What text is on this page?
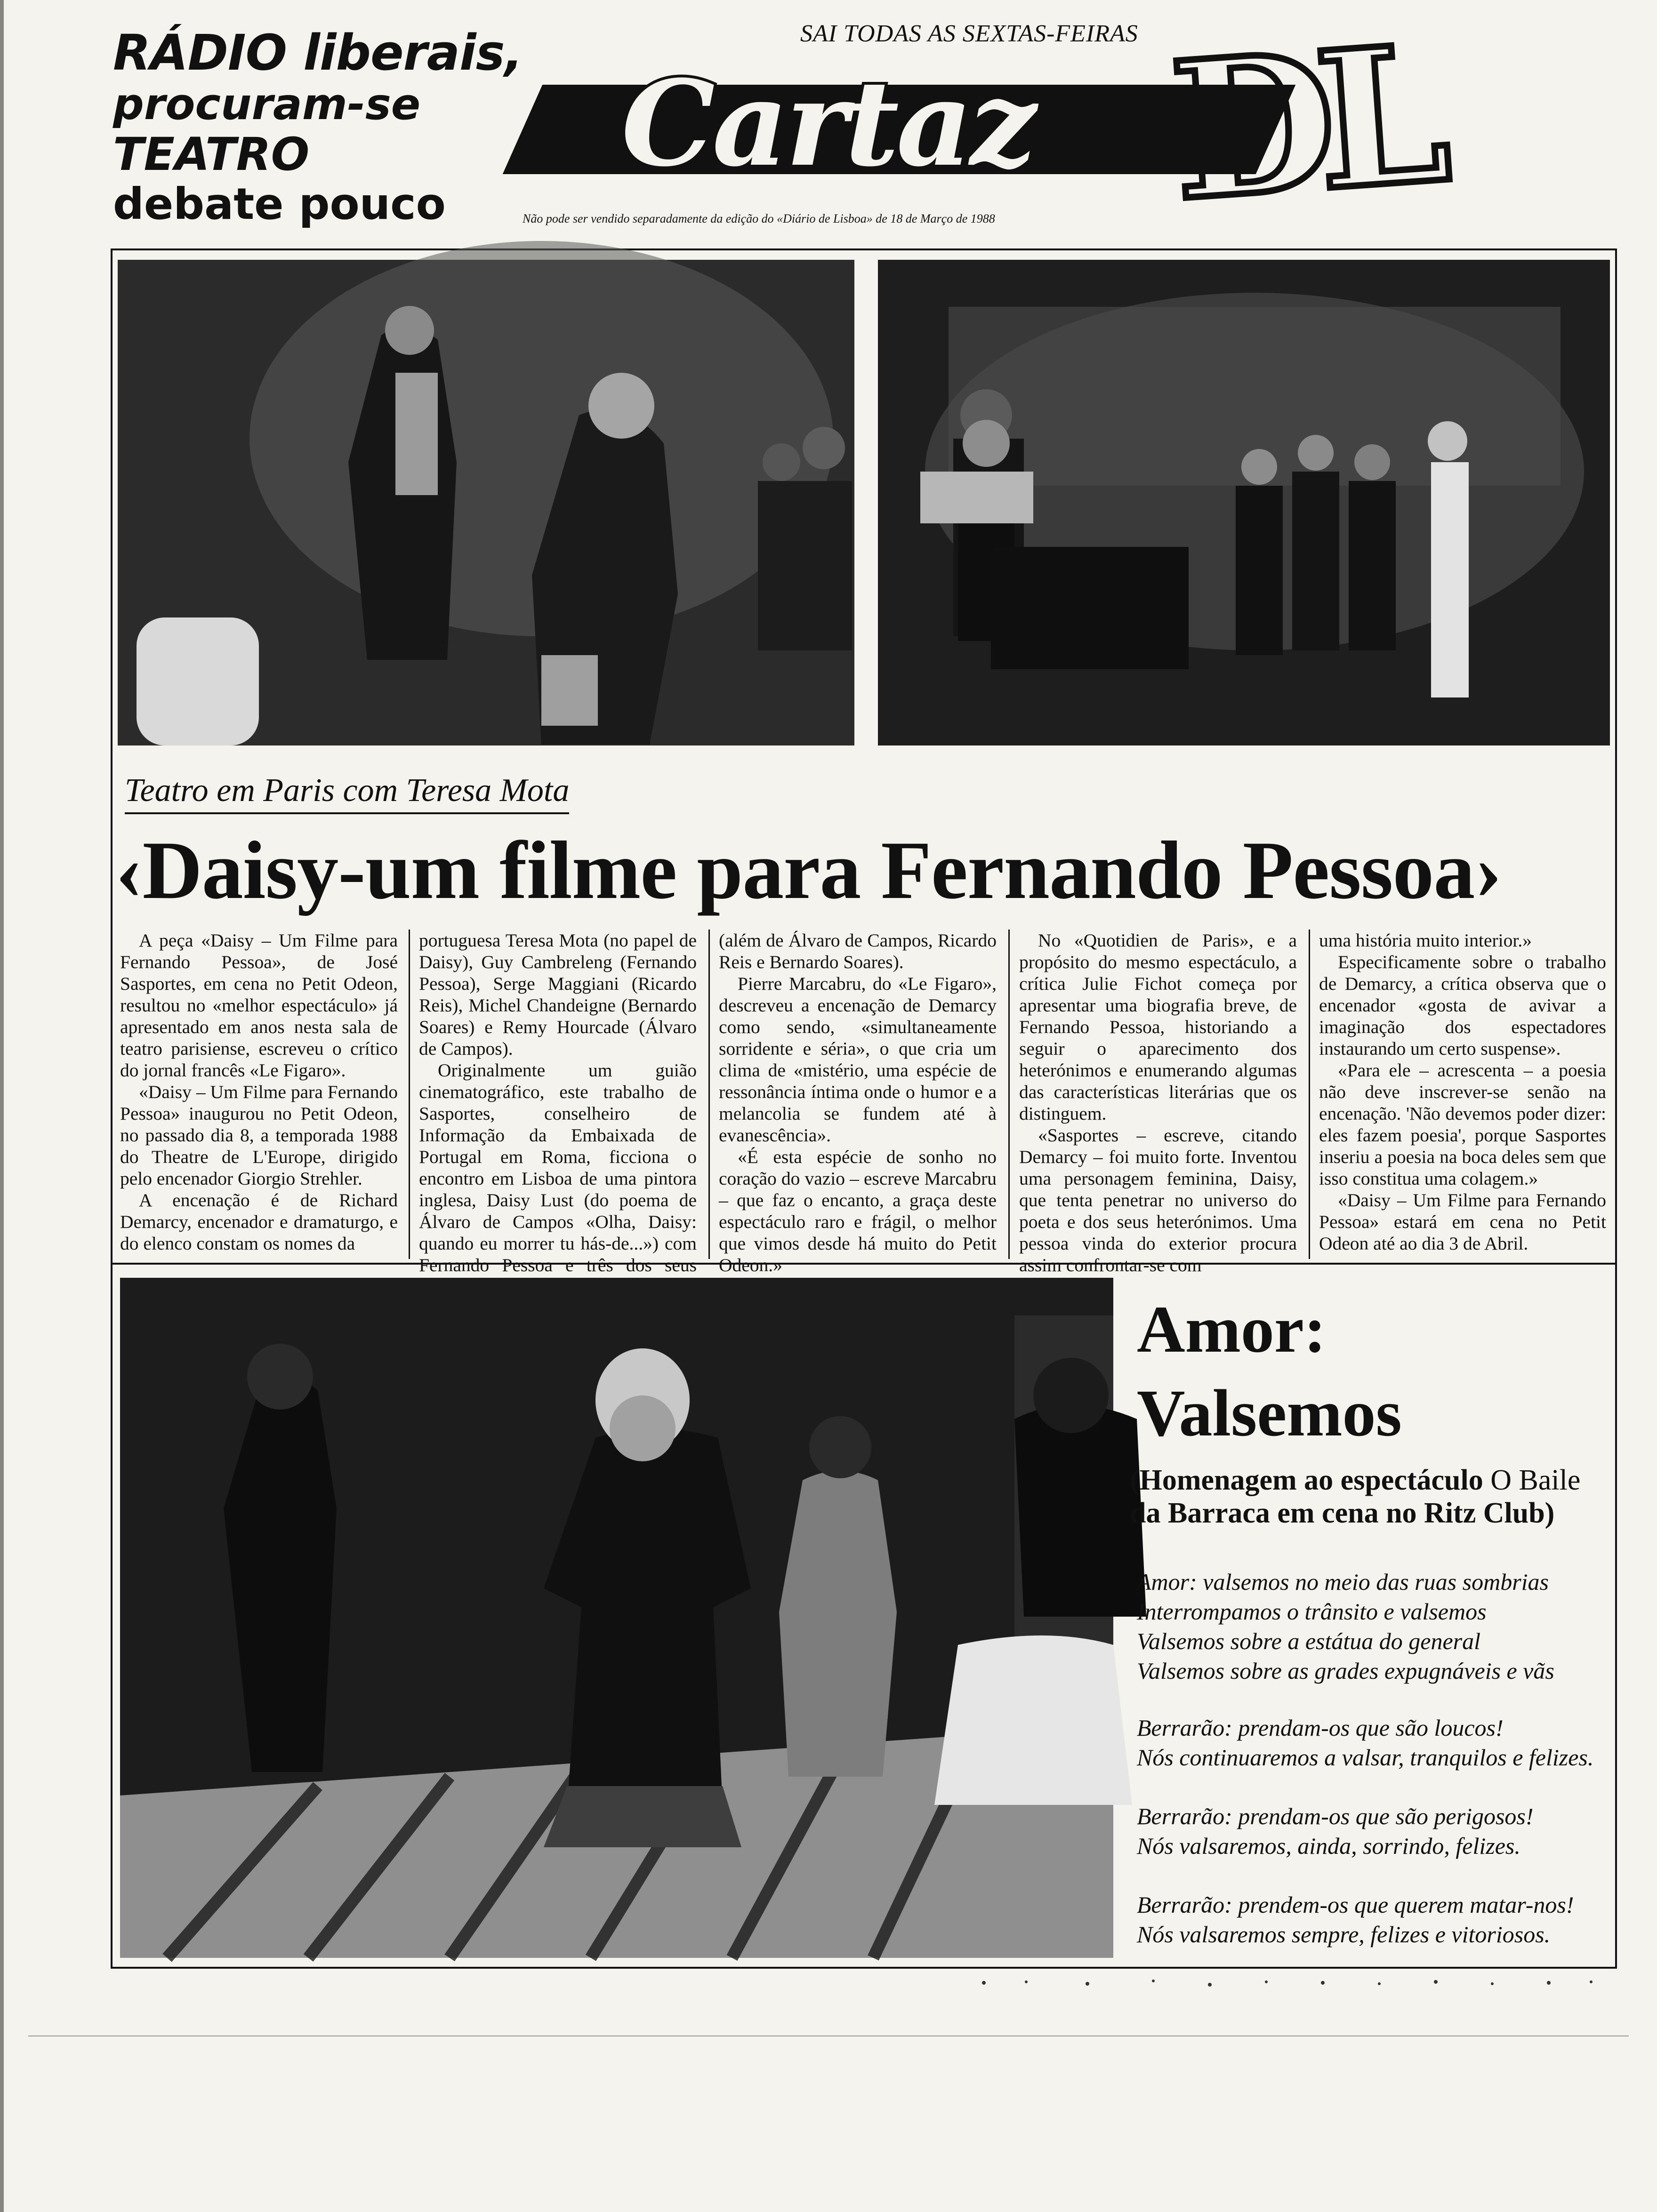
RÁDIO liberais,
procuram-se
TEATRO
debate pouco
SAI TODAS AS SEXTAS-FEIRAS
Cartaz DL
Não pode ser vendido separadamente da edição do «Diário de Lisboa» de 18 de Março de 1988
Teatro em Paris com Teresa Mota
‹Daisy-um filme para Fernando Pessoa›

A peça «Daisy – Um Filme para Fernando Pessoa», de José Sasportes, em cena no Petit Odeon, resultou no «melhor espectáculo» já apresentado em anos nesta sala de teatro parisiense, escreveu o crítico do jornal francês «Le Figaro».

«Daisy – Um Filme para Fernando Pessoa» inaugurou no Petit Odeon, no passado dia 8, a temporada 1988 do Theatre de L'Europe, dirigido pelo encenador Giorgio Strehler.

A encenação é de Richard Demarcy, encenador e dramaturgo, e do elenco constam os nomes da

portuguesa Teresa Mota (no papel de Daisy), Guy Cambreleng (Fernando Pessoa), Serge Maggiani (Ricardo Reis), Michel Chandeigne (Bernardo Soares) e Remy Hourcade (Álvaro de Campos).

Originalmente um guião cinematográfico, este trabalho de Sasportes, conselheiro de Informação da Embaixada de Portugal em Roma, ficciona o encontro em Lisboa de uma pintora inglesa, Daisy Lust (do poema de Álvaro de Campos «Olha, Daisy: quando eu morrer tu hás-de...») com Fernando Pessoa e três dos seus

(além de Álvaro de Campos, Ricardo Reis e Bernardo Soares).

Pierre Marcabru, do «Le Figaro», descreveu a encenação de Demarcy como sendo, «simultaneamente sorridente e séria», o que cria um clima de «mistério, uma espécie de ressonância íntima onde o humor e a melancolia se fundem até à evanescência».

«É esta espécie de sonho no coração do vazio – escreve Marcabru – que faz o encanto, a graça deste espectáculo raro e frágil, o melhor que vimos desde há muito do Petit Odeon.»

No «Quotidien de Paris», e a propósito do mesmo espectáculo, a crítica Julie Fichot começa por apresentar uma biografia breve, de Fernando Pessoa, historiando a seguir o aparecimento dos heterónimos e enumerando algumas das características literárias que os distinguem.

«Sasportes – escreve, citando Demarcy – foi muito forte. Inventou uma personagem feminina, Daisy, que tenta penetrar no universo do poeta e dos seus heterónimos. Uma pessoa vinda do exterior procura assim confrontar-se com

uma história muito interior.»

Especificamente sobre o trabalho de Demarcy, a crítica observa que o encenador «gosta de avivar a imaginação dos espectadores instaurando um certo suspense».

«Para ele – acrescenta – a poesia não deve inscrever-se senão na encenação. 'Não devemos poder dizer: eles fazem poesia', porque Sasportes inseriu a poesia na boca deles sem que isso constitua uma colagem.»

«Daisy – Um Filme para Fernando Pessoa» estará em cena no Petit Odeon até ao dia 3 de Abril.

Amor:
Valsemos
(Homenagem ao espectáculo O Baile da Barraca em cena no Ritz Club)
Amor: valsemos no meio das ruas sombrias
Interrompamos o trânsito e valsemos
Valsemos sobre a estátua do general
Valsemos sobre as grades expugnáveis e vãs
Berrarão: prendam-os que são loucos!
Nós continuaremos a valsar, tranquilos e felizes.
Berrarão: prendam-os que são perigosos!
Nós valsaremos, ainda, sorrindo, felizes.
Berrarão: prendem-os que querem matar-nos!
Nós valsaremos sempre, felizes e vitoriosos.
